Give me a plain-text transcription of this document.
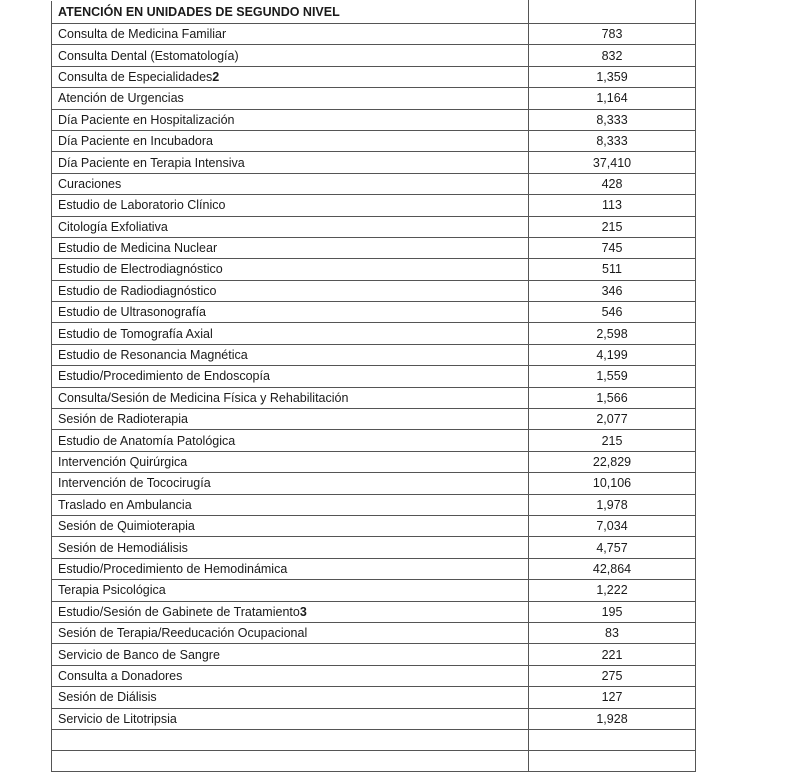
ATENCIÓN EN UNIDADES DE SEGUNDO NIVEL	
Consulta de Medicina Familiar	783
Consulta Dental (Estomatología)	832
Consulta de Especialidades2	1,359
Atención de Urgencias	1,164
Día Paciente en Hospitalización	8,333
Día Paciente en Incubadora	8,333
Día Paciente en Terapia Intensiva	37,410
Curaciones	428
Estudio de Laboratorio Clínico	113
Citología Exfoliativa	215
Estudio de Medicina Nuclear	745
Estudio de Electrodiagnóstico	511
Estudio de Radiodiagnóstico	346
Estudio de Ultrasonografía	546
Estudio de Tomografía Axial	2,598
Estudio de Resonancia Magnética	4,199
Estudio/Procedimiento de Endoscopía	1,559
Consulta/Sesión de Medicina Física y Rehabilitación	1,566
Sesión de Radioterapia	2,077
Estudio de Anatomía Patológica	215
Intervención Quirúrgica	22,829
Intervención de Tococirugía	10,106
Traslado en Ambulancia	1,978
Sesión de Quimioterapia	7,034
Sesión de Hemodiálisis	4,757
Estudio/Procedimiento de Hemodinámica	42,864
Terapia Psicológica	1,222
Estudio/Sesión de Gabinete de Tratamiento3	195
Sesión de Terapia/Reeducación Ocupacional	83
Servicio de Banco de Sangre	221
Consulta a Donadores	275
Sesión de Diálisis	127
Servicio de Litotripsia	1,928
